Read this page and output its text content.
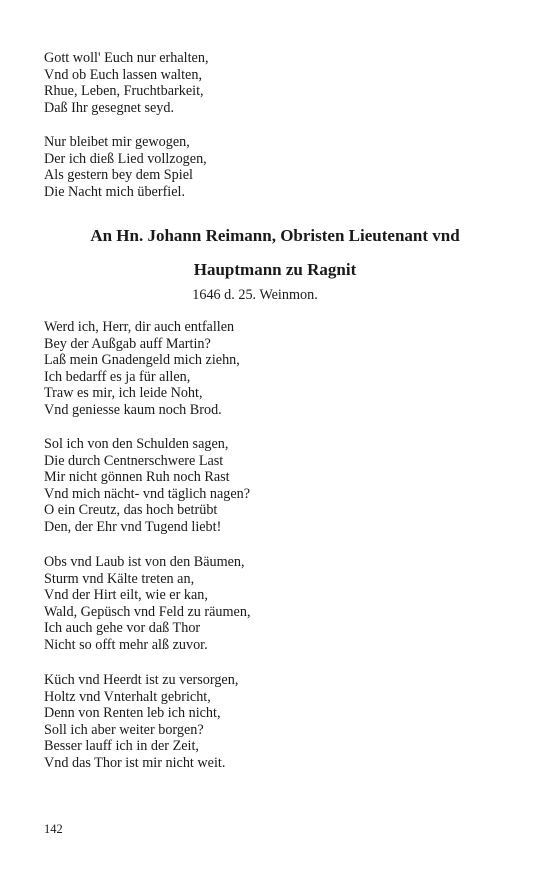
Gott woll' Euch nur erhalten,
Vnd ob Euch lassen walten,
Rhue, Leben, Fruchtbarkeit,
Daß Ihr gesegnet seyd.
Nur bleibet mir gewogen,
Der ich dieß Lied vollzogen,
Als gestern bey dem Spiel
Die Nacht mich überfiel.
An Hn. Johann Reimann, Obristen Lieutenant vnd
Hauptmann zu Ragnit
1646 d. 25. Weinmon.
Werd ich, Herr, dir auch entfallen
Bey der Außgab auff Martin?
Laß mein Gnadengeld mich ziehn,
Ich bedarff es ja für allen,
Traw es mir, ich leide Noht,
Vnd geniesse kaum noch Brod.
Sol ich von den Schulden sagen,
Die durch Centnerschwere Last
Mir nicht gönnen Ruh noch Rast
Vnd mich nächt- vnd täglich nagen?
O ein Creutz, das hoch betrübt
Den, der Ehr vnd Tugend liebt!
Obs vnd Laub ist von den Bäumen,
Sturm vnd Kälte treten an,
Vnd der Hirt eilt, wie er kan,
Wald, Gepüsch vnd Feld zu räumen,
Ich auch gehe vor daß Thor
Nicht so offt mehr alß zuvor.
Küch vnd Heerdt ist zu versorgen,
Holtz vnd Vnterhalt gebricht,
Denn von Renten leb ich nicht,
Soll ich aber weiter borgen?
Besser lauff ich in der Zeit,
Vnd das Thor ist mir nicht weit.
142
